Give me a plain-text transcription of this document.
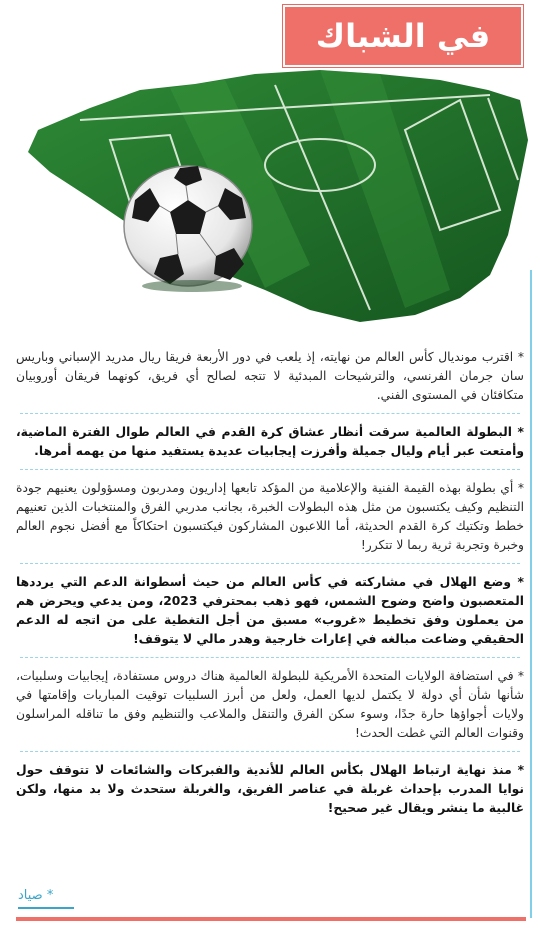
في الشباك

* اقترب مونديال كأس العالم من نهايته، إذ يلعب في دور الأربعة فريقا ريال مدريد الإسباني وباريس سان جرمان الفرنسي، والترشيحات المبدئية لا تتجه لصالح أي فريق، كونهما فريقان أوروبيان متكافئان في المستوى الفني.

* البطولة العالمية سرقت أنظار عشاق كرة القدم في العالم طوال الفترة الماضية، وأمتعت عبر أيام وليال جميلة وأفرزت إيجابيات عديدة يستفيد منها من يهمه أمرها.

* أي بطولة بهذه القيمة الفنية والإعلامية من المؤكد تابعها إداريون ومدربون ومسؤولون يعنيهم جودة التنظيم وكيف يكتسبون من مثل هذه البطولات الخبرة، بجانب مدربي الفرق والمنتخبات الذين تعنيهم خطط وتكتيك كرة القدم الحديثة، أما اللاعبون المشاركون فيكتسبون احتكاكاً مع أفضل نجوم العالم وخبرة وتجربة ثرية ربما لا تتكرر!

* وضع الهلال في مشاركته في كأس العالم من حيث أسطوانة الدعم التي يرددها المتعصبون واضح وضوح الشمس، فهو ذهب بمحترفي 2023، ومن يدعي ويحرض هم من يعملون وفق تخطيط «غروب» مسبق من أجل التغطية على من اتجه له الدعم الحقيقي وضاعت مبالغه في إعارات خارجية وهدر مالي لا يتوقف!

* في استضافة الولايات المتحدة الأمريكية للبطولة العالمية هناك دروس مستفادة، إيجابيات وسلبيات، شأنها شأن أي دولة لا يكتمل لديها العمل، ولعل من أبرز السلبيات توقيت المباريات وإقامتها في ولايات أجواؤها حارة جدًا، وسوء سكن الفرق والتنقل والملاعب والتنظيم وفق ما تناقله المراسلون وقنوات العالم التي غطت الحدث!

* منذ نهاية ارتباط الهلال بكأس العالم للأندية والفبركات والشائعات لا تتوقف حول نوايا المدرب بإحداث غربلة في عناصر الفريق، والغربلة ستحدث ولا بد منها، ولكن غالبية ما ينشر ويقال غير صحيح!

* صياد
